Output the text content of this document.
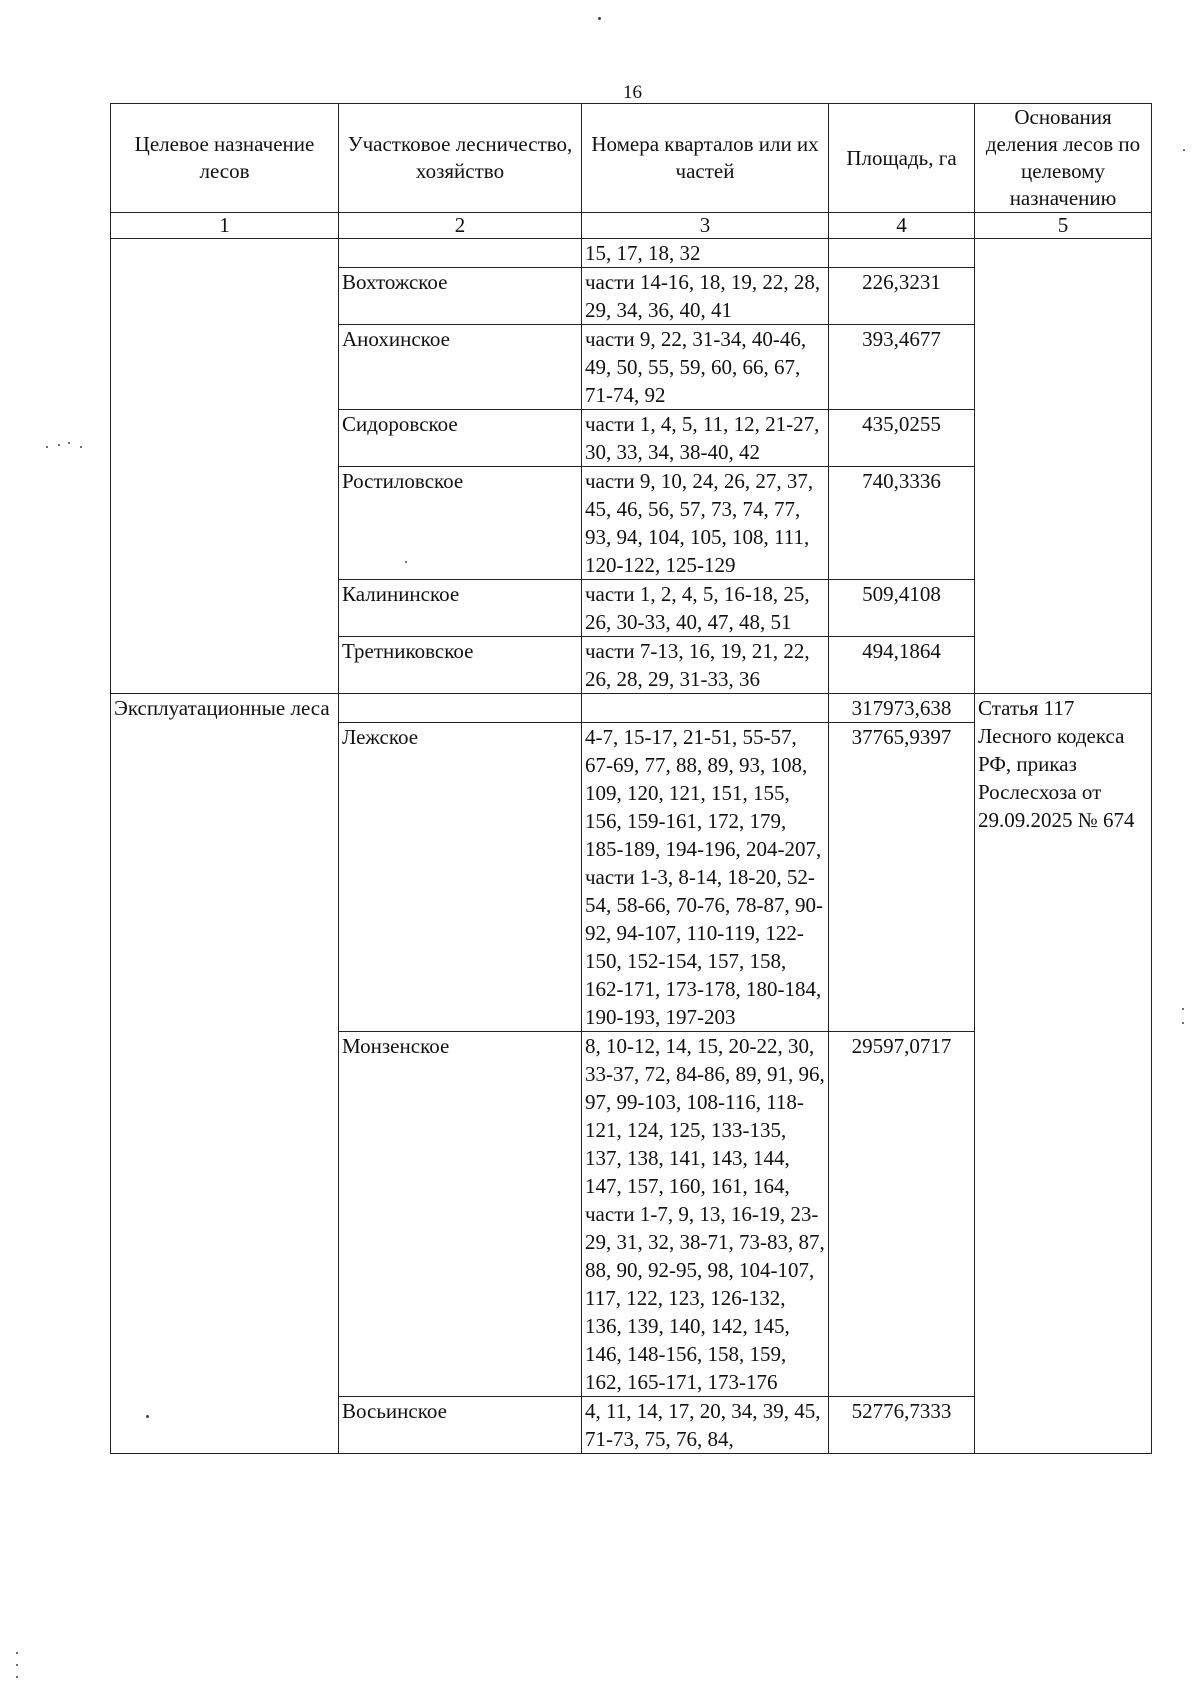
16
Целевое назначение лесов	Участковое лесничество, хозяйство	Номера кварталов или их частей	Площадь, га	Основания деления лесов по целевому назначению
1	2	3	4	5
		15, 17, 18, 32		
	Вохтожское	части 14-16, 18, 19, 22, 28, 29, 34, 36, 40, 41	226,3231	
	Анохинское	части 9, 22, 31-34, 40-46, 49, 50, 55, 59, 60, 66, 67, 71-74, 92	393,4677	
	Сидоровское	части 1, 4, 5, 11, 12, 21-27, 30, 33, 34, 38-40, 42	435,0255	
	Ростиловское	части 9, 10, 24, 26, 27, 37, 45, 46, 56, 57, 73, 74, 77, 93, 94, 104, 105, 108, 111, 120-122, 125-129	740,3336	
	Калининское	части 1, 2, 4, 5, 16-18, 25, 26, 30-33, 40, 47, 48, 51	509,4108	
	Третниковское	части 7-13, 16, 19, 21, 22, 26, 28, 29, 31-33, 36	494,1864	
Эксплуатационные леса			317973,638	Статья 117 Лесного кодекса РФ, приказ Рослесхоза от 29.09.2025 № 674
	Лежское	4-7, 15-17, 21-51, 55-57, 67-69, 77, 88, 89, 93, 108, 109, 120, 121, 151, 155, 156, 159-161, 172, 179, 185-189, 194-196, 204-207, части 1-3, 8-14, 18-20, 52-54, 58-66, 70-76, 78-87, 90-92, 94-107, 110-119, 122-150, 152-154, 157, 158, 162-171, 173-178, 180-184, 190-193, 197-203	37765,9397	
	Монзенское	8, 10-12, 14, 15, 20-22, 30, 33-37, 72, 84-86, 89, 91, 96, 97, 99-103, 108-116, 118-121, 124, 125, 133-135, 137, 138, 141, 143, 144, 147, 157, 160, 161, 164, части 1-7, 9, 13, 16-19, 23-29, 31, 32, 38-71, 73-83, 87, 88, 90, 92-95, 98, 104-107, 117, 122, 123, 126-132, 136, 139, 140, 142, 145, 146, 148-156, 158, 159, 162, 165-171, 173-176	29597,0717	
	Восьинское	4, 11, 14, 17, 20, 34, 39, 45, 71-73, 75, 76, 84,	52776,7333	
